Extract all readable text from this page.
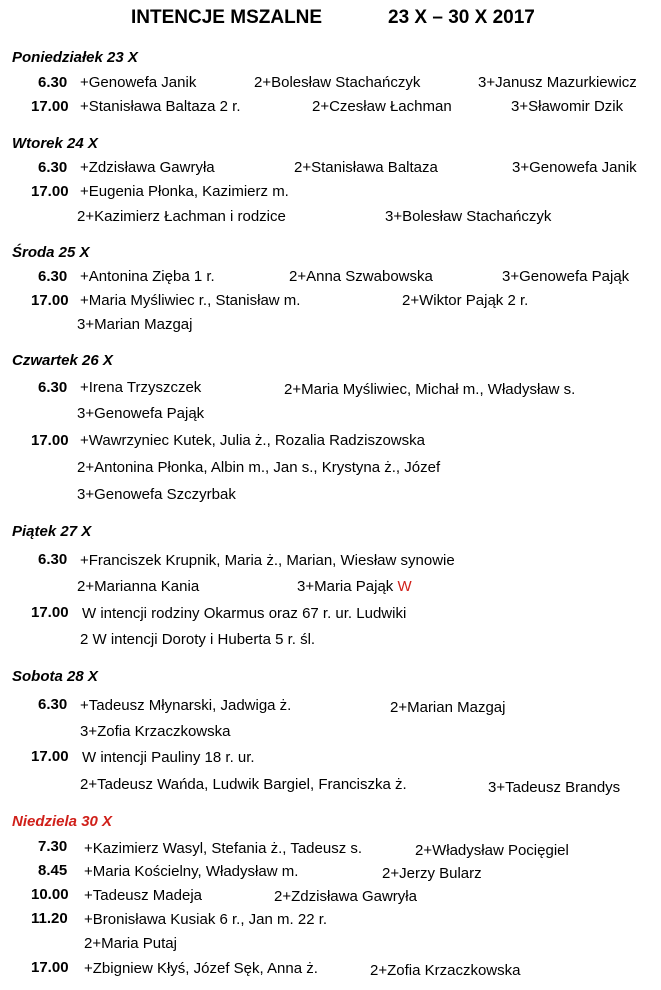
INTENCJE MSZALNE	23 X – 30 X 2017
Poniedziałek 23 X
6.30 +Genowefa Janik	2+Bolesław Stachańczyk	3+Janusz Mazurkiewicz
17.00 +Stanisława Baltaza 2 r.	2+Czesław Łachman	3+Sławomir Dzik
Wtorek 24 X
6.30 +Zdzisława Gawryła	2+Stanisława Baltaza	3+Genowefa Janik
17.00 +Eugenia Płonka, Kazimierz m.
2+Kazimierz Łachman i rodzice	3+Bolesław Stachańczyk
Środa 25 X
6.30 +Antonina Zięba 1 r.	2+Anna Szwabowska	3+Genowefa Pająk
17.00 +Maria Myśliwiec r., Stanisław m.	2+Wiktor Pająk 2 r.
3+Marian Mazgaj
Czwartek 26 X
6.30 +Irena Trzyszczek	2+Maria Myśliwiec, Michał m., Władysław s.
3+Genowefa Pająk
17.00 +Wawrzyniec Kutek, Julia ż., Rozalia Radziszowska
2+Antonina Płonka, Albin m., Jan s., Krystyna ż., Józef
3+Genowefa Szczyrbak
Piątek 27 X
6.30 +Franciszek Krupnik, Maria ż., Marian, Wiesław synowie
2+Marianna Kania	3+Maria Pająk W
17.00 W intencji rodziny Okarmus oraz 67 r. ur. Ludwiki
2 W intencji Doroty i Huberta 5 r. śl.
Sobota 28 X
6.30 +Tadeusz Młynarski, Jadwiga ż.	2+Marian Mazgaj
3+Zofia Krzaczkowska
17.00 W intencji Pauliny 18 r. ur.
2+Tadeusz Wańda, Ludwik Bargiel, Franciszka ż.	3+Tadeusz Brandys
Niedziela 30 X
7.30 +Kazimierz Wasyl, Stefania ż., Tadeusz s.	2+Władysław Pocięgiel
8.45 +Maria Kościelny, Władysław m.	2+Jerzy Bularz
10.00 +Tadeusz Madeja	2+Zdzisława Gawryła
11.20 +Bronisława Kusiak 6 r., Jan m. 22 r.
2+Maria Putaj
17.00 +Zbigniew Kłyś, Józef Sęk, Anna ż.	2+Zofia Krzaczkowska
